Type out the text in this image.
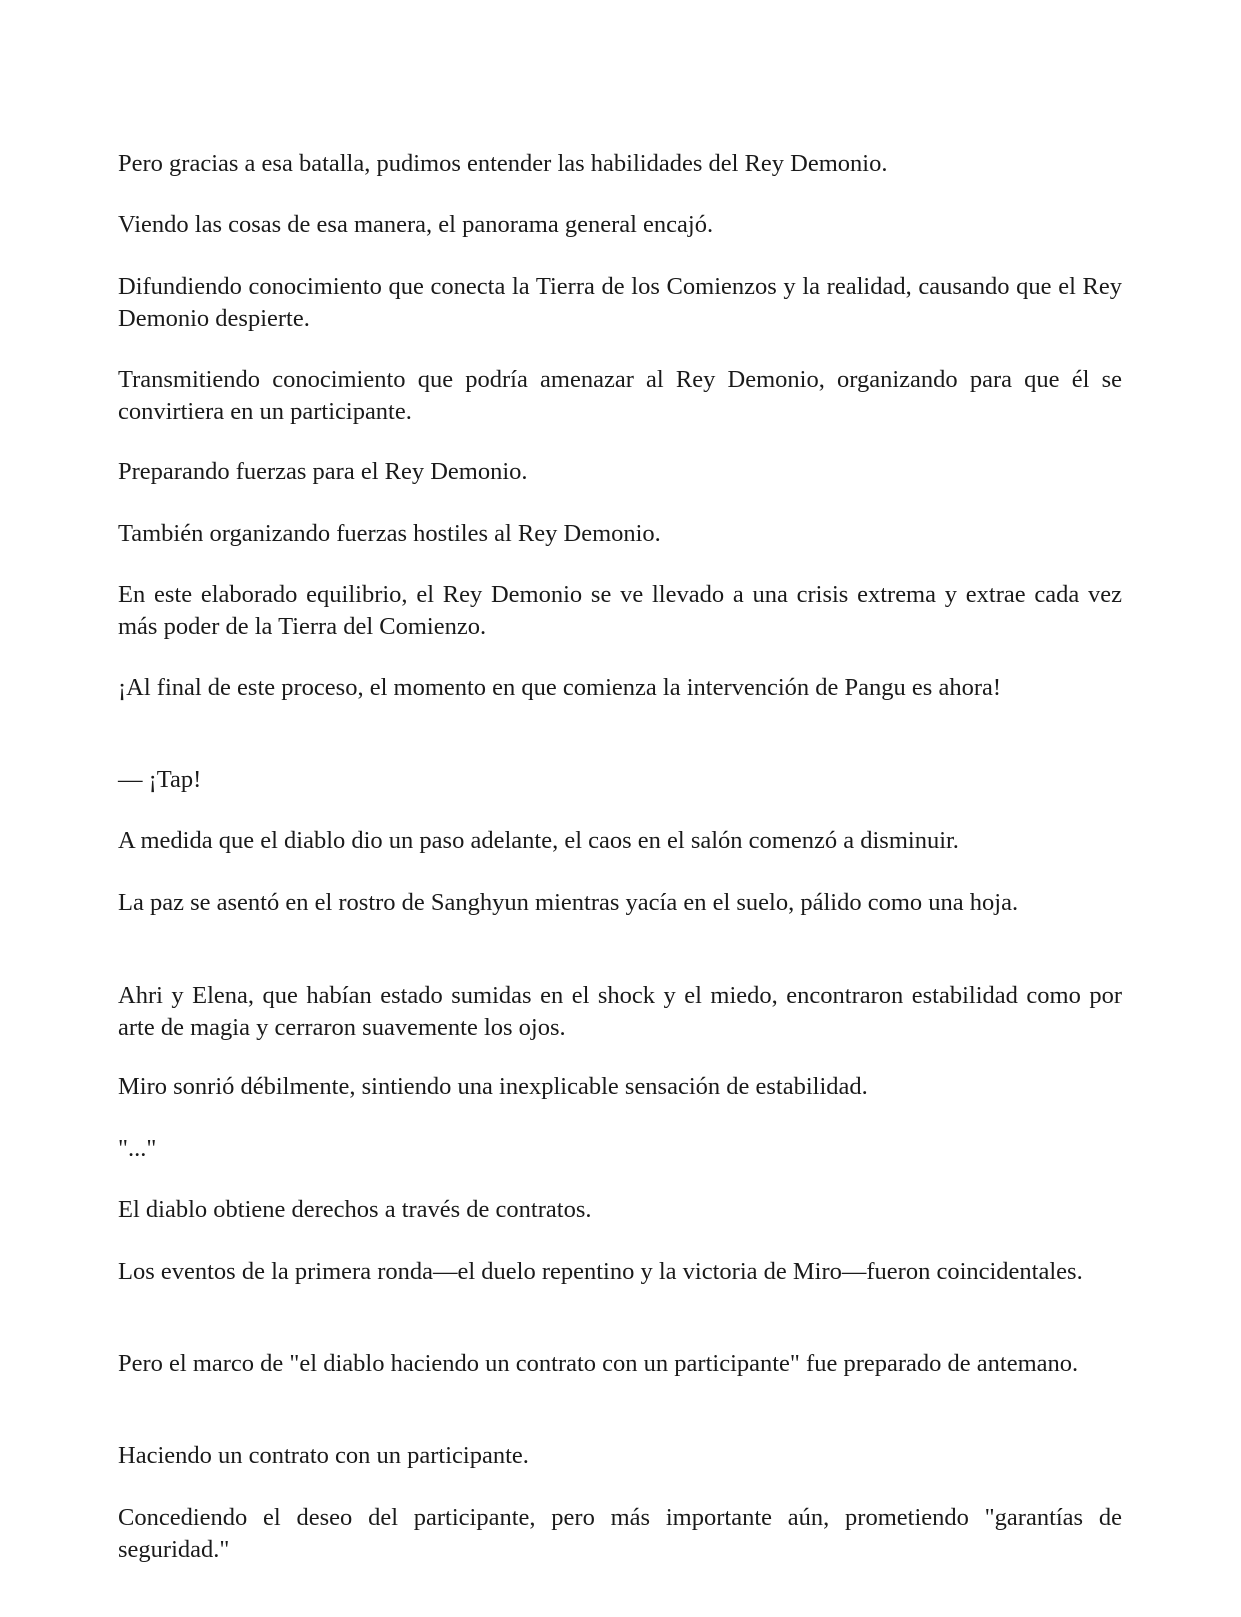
Pero gracias a esa batalla, pudimos entender las habilidades del Rey Demonio.

Viendo las cosas de esa manera, el panorama general encajó.

Difundiendo conocimiento que conecta la Tierra de los Comienzos y la realidad, causando que el Rey Demonio despierte.

Transmitiendo conocimiento que podría amenazar al Rey Demonio, organizando para que él se convirtiera en un participante.

Preparando fuerzas para el Rey Demonio.

También organizando fuerzas hostiles al Rey Demonio.

En este elaborado equilibrio, el Rey Demonio se ve llevado a una crisis extrema y extrae cada vez más poder de la Tierra del Comienzo.

¡Al final de este proceso, el momento en que comienza la intervención de Pangu es ahora!

— ¡Tap!

A medida que el diablo dio un paso adelante, el caos en el salón comenzó a disminuir.

La paz se asentó en el rostro de Sanghyun mientras yacía en el suelo, pálido como una hoja.

Ahri y Elena, que habían estado sumidas en el shock y el miedo, encontraron estabilidad como por arte de magia y cerraron suavemente los ojos.

Miro sonrió débilmente, sintiendo una inexplicable sensación de estabilidad.

"..."

El diablo obtiene derechos a través de contratos.

Los eventos de la primera ronda—el duelo repentino y la victoria de Miro—fueron coincidentales.

Pero el marco de "el diablo haciendo un contrato con un participante" fue preparado de antemano.

Haciendo un contrato con un participante.

Concediendo el deseo del participante, pero más importante aún, prometiendo "garantías de seguridad."
